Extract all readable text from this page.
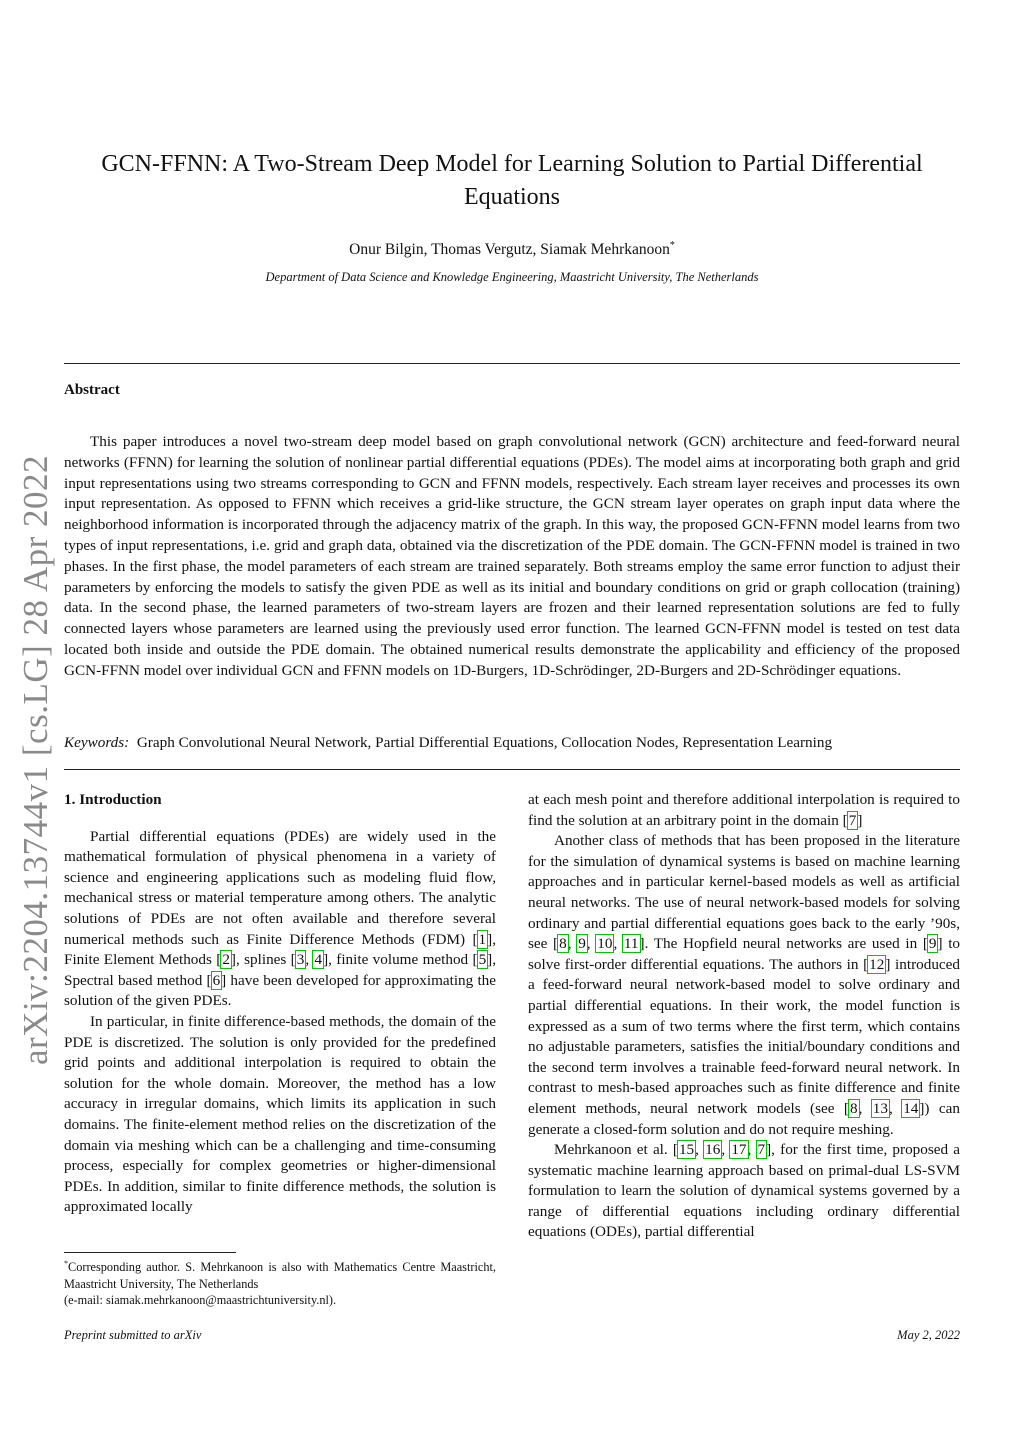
arXiv:2204.13744v1 [cs.LG] 28 Apr 2022
GCN-FFNN: A Two-Stream Deep Model for Learning Solution to Partial Differential
Equations
Onur Bilgin, Thomas Vergutz, Siamak Mehrkanoon*
Department of Data Science and Knowledge Engineering, Maastricht University, The Netherlands
Abstract

This paper introduces a novel two-stream deep model based on graph convolutional network (GCN) architecture and feed-forward neural networks (FFNN) for learning the solution of nonlinear partial differential equations (PDEs). The model aims at incorporating both graph and grid input representations using two streams corresponding to GCN and FFNN models, respectively. Each stream layer receives and processes its own input representation. As opposed to FFNN which receives a grid-like structure, the GCN stream layer operates on graph input data where the neighborhood information is incorporated through the adjacency matrix of the graph. In this way, the proposed GCN-FFNN model learns from two types of input representations, i.e. grid and graph data, obtained via the discretization of the PDE domain. The GCN-FFNN model is trained in two phases. In the first phase, the model parameters of each stream are trained separately. Both streams employ the same error function to adjust their parameters by enforcing the models to satisfy the given PDE as well as its initial and boundary conditions on grid or graph collocation (training) data. In the second phase, the learned parameters of two-stream layers are frozen and their learned representation solutions are fed to fully connected layers whose parameters are learned using the previously used error function. The learned GCN-FFNN model is tested on test data located both inside and outside the PDE domain. The obtained numerical results demonstrate the applicability and efficiency of the proposed GCN-FFNN model over individual GCN and FFNN models on 1D-Burgers, 1D-Schrödinger, 2D-Burgers and 2D-Schrödinger equations.

Keywords: Graph Convolutional Neural Network, Partial Differential Equations, Collocation Nodes, Representation Learning
1. Introduction

Partial differential equations (PDEs) are widely used in the mathematical formulation of physical phenomena in a variety of science and engineering applications such as modeling fluid flow, mechanical stress or material temperature among others. The analytic solutions of PDEs are not often available and therefore several numerical methods such as Finite Difference Methods (FDM) [1], Finite Element Methods [2], splines [3, 4], finite volume method [5], Spectral based method [6] have been developed for approximating the solution of the given PDEs.

In particular, in finite difference-based methods, the domain of the PDE is discretized. The solution is only provided for the predefined grid points and additional interpolation is required to obtain the solution for the whole domain. Moreover, the method has a low accuracy in irregular domains, which limits its application in such domains. The finite-element method relies on the discretization of the domain via meshing which can be a challenging and time-consuming process, especially for complex geometries or higher-dimensional PDEs. In addition, similar to finite difference methods, the solution is approximated locally

at each mesh point and therefore additional interpolation is required to find the solution at an arbitrary point in the domain [7]

Another class of methods that has been proposed in the literature for the simulation of dynamical systems is based on machine learning approaches and in particular kernel-based models as well as artificial neural networks. The use of neural network-based models for solving ordinary and partial differential equations goes back to the early ’90s, see [8, 9, 10, 11]. The Hopfield neural networks are used in [9] to solve first-order differential equations. The authors in [12] introduced a feed-forward neural network-based model to solve ordinary and partial differential equations. In their work, the model function is expressed as a sum of two terms where the first term, which contains no adjustable parameters, satisfies the initial/boundary conditions and the second term involves a trainable feed-forward neural network. In contrast to mesh-based approaches such as finite difference and finite element methods, neural network models (see [8, 13, 14]) can generate a closed-form solution and do not require meshing.

Mehrkanoon et al. [15, 16, 17, 7], for the first time, proposed a systematic machine learning approach based on primal-dual LS-SVM formulation to learn the solution of dynamical systems governed by a range of differential equations including ordinary differential equations (ODEs), partial differential

*Corresponding author. S. Mehrkanoon is also with Mathematics Centre Maastricht, Maastricht University, The Netherlands
(e-mail: siamak.mehrkanoon@maastrichtuniversity.nl).
Preprint submitted to arXiv	May 2, 2022
